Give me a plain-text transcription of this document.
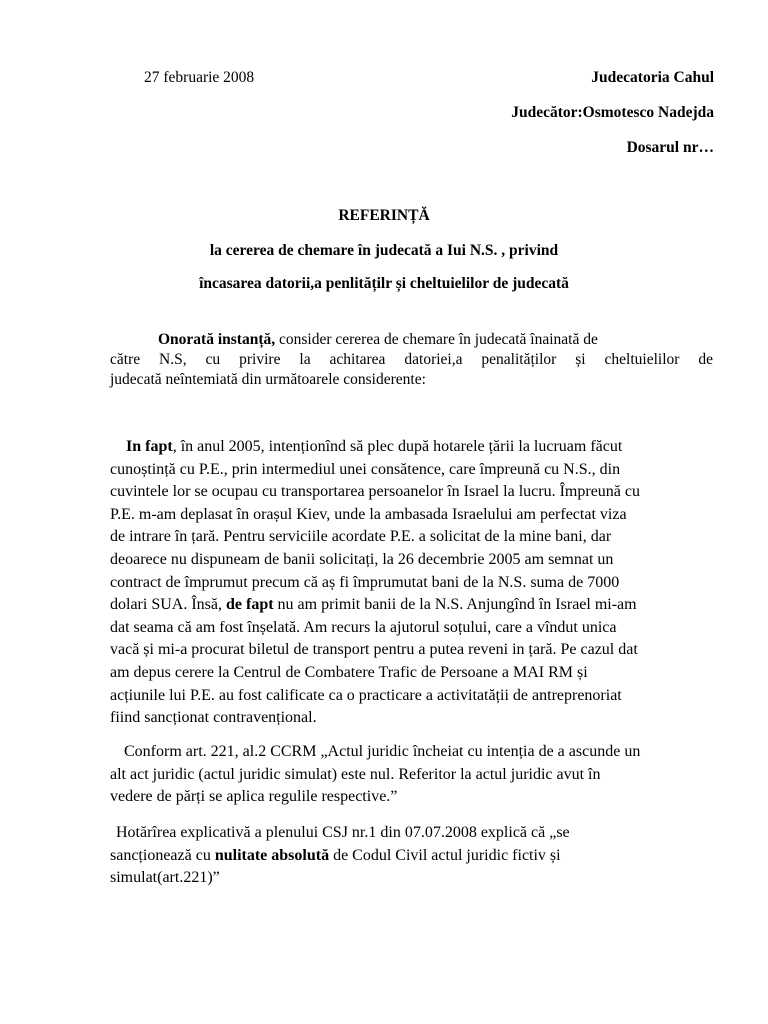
27 februarie 2008	Judecatoria Cahul

Judecător:Osmotesco Nadejda

Dosarul nr…

REFERINȚĂ

la cererea de chemare în judecată a Iui N.S. , privind

încasarea datorii,a penlitățilr și cheltuielilor de judecată

Onorată instanță, consider cererea de chemare în judecată înainată de
către N.S, cu privire la achitarea datoriei,a penalităților și cheltuielilor de
judecată neîntemiată din următoarele considerente:
In fapt, în anul 2005, intenționînd să plec după hotarele țării la lucruam făcut
cunoștință cu P.E., prin intermediul unei consătence, care împreună cu N.S., din
cuvintele lor se ocupau cu transportarea persoanelor în Israel la lucru. Împreună cu
P.E. m-am deplasat în orașul Kiev, unde la ambasada Israelului am perfectat viza
de intrare în țară. Pentru serviciile acordate P.E. a solicitat de la mine bani, dar
deoarece nu dispuneam de banii solicitați, la 26 decembrie 2005 am semnat un
contract de împrumut precum că aș fi împrumutat bani de la N.S. suma de 7000
dolari SUA. Însă, de fapt nu am primit banii de la N.S. Anjungînd în Israel mi-am
dat seama că am fost înșelată. Am recurs la ajutorul soțului, care a vîndut unica
vacă și mi-a procurat biletul de transport pentru a putea reveni in țară. Pe cazul dat
am depus cerere la Centrul de Combatere Trafic de Persoane a MAI RM și
acțiunile lui P.E. au fost calificate ca o practicare a activitatății de antreprenoriat
fiind sancționat contravențional.
Conform art. 221, al.2 CCRM „Actul juridic încheiat cu intenția de a ascunde un
alt act juridic (actul juridic simulat) este nul. Referitor la actul juridic avut în
vedere de părți se aplica regulile respective.”
Hotărîrea explicativă a plenului CSJ nr.1 din 07.07.2008 explică că „se
sancționează cu nulitate absolută de Codul Civil actul juridic fictiv și
simulat(art.221)”
